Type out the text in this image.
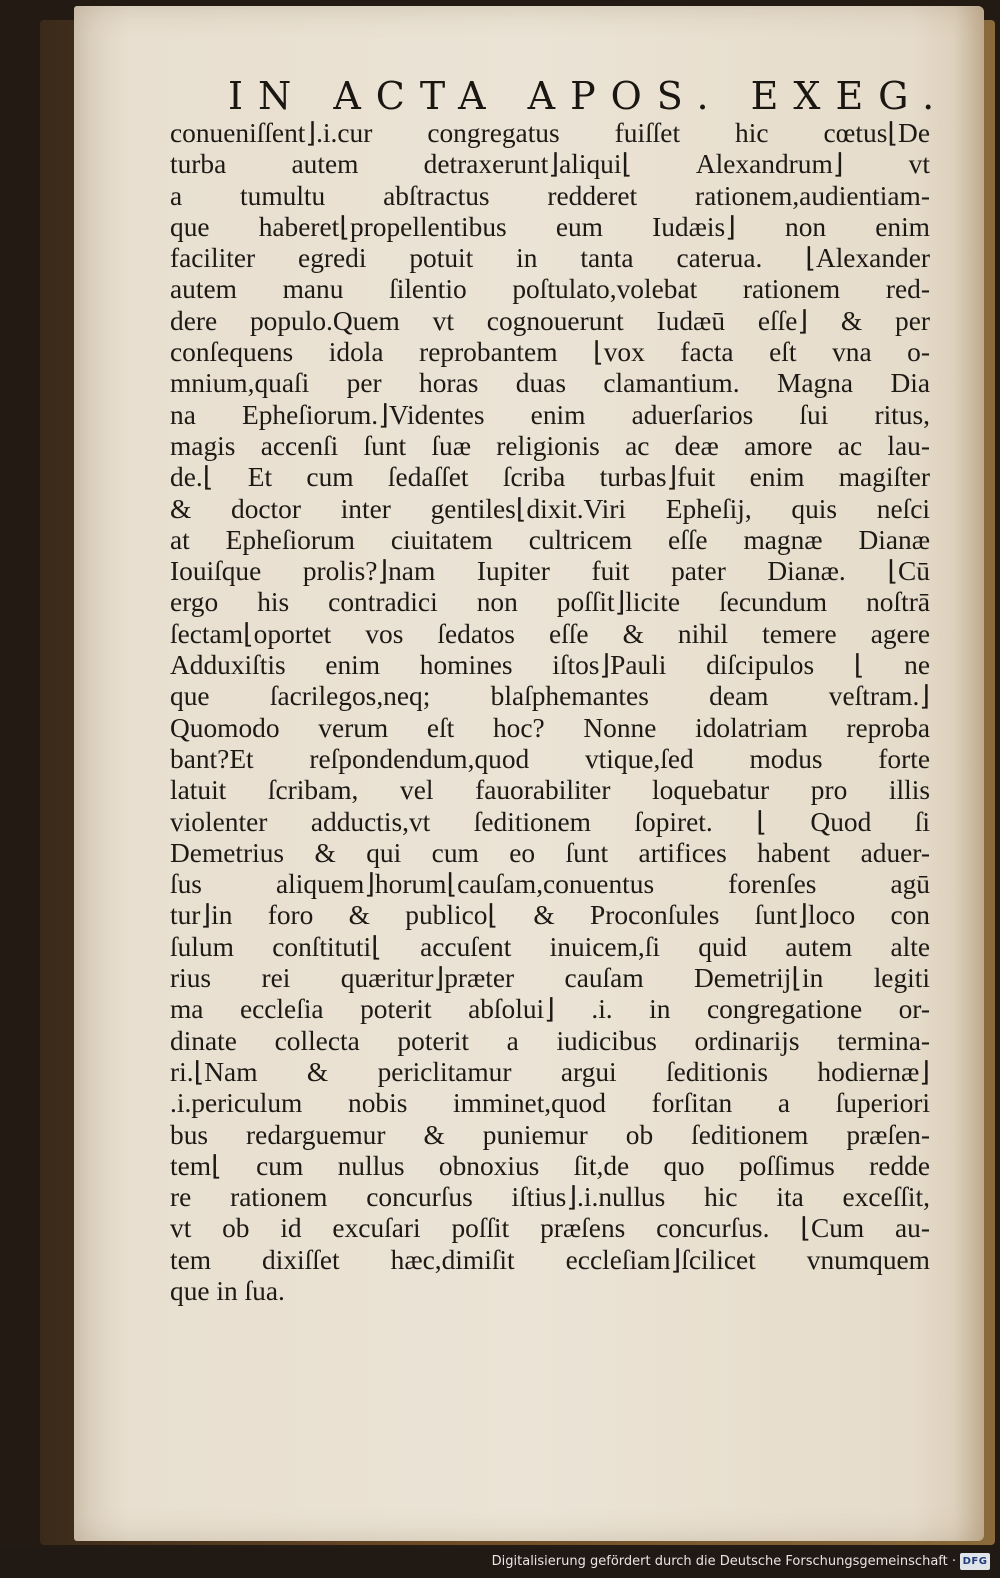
IN ACTA APOS. EXEG.
conueniſſent⌋.i.cur congregatus fuiſſet hic cœtus⌊De
turba autem detraxerunt⌋aliqui⌊ Alexandrum⌋ vt
a tumultu abſtractus redderet rationem,audientiam-
que haberet⌊propellentibus eum Iudæis⌋ non enim
faciliter egredi potuit in tanta caterua. ⌊Alexander
autem manu ſilentio poſtulato,volebat rationem red-
dere populo.Quem vt cognouerunt Iudæū eſſe⌋ & per
conſequens idola reprobantem ⌊vox facta eſt vna o-
mnium,quaſi per horas duas clamantium. Magna Dia
na Epheſiorum.⌋Videntes enim aduerſarios ſui ritus,
magis accenſi ſunt ſuæ religionis ac deæ amore ac lau-
de.⌊ Et cum ſedaſſet ſcriba turbas⌋fuit enim magiſter
& doctor inter gentiles⌊dixit.Viri Epheſij, quis neſci
at Epheſiorum ciuitatem cultricem eſſe magnæ Dianæ
Iouiſque prolis?⌋nam Iupiter fuit pater Dianæ. ⌊Cū
ergo his contradici non poſſit⌋licite ſecundum noſtrā
ſectam⌊oportet vos ſedatos eſſe & nihil temere agere
Adduxiſtis enim homines iſtos⌋Pauli diſcipulos ⌊ ne
que ſacrilegos,neq; blaſphemantes deam veſtram.⌋
Quomodo verum eſt hoc? Nonne idolatriam reproba
bant?Et reſpondendum,quod vtique,ſed modus forte
latuit ſcribam, vel fauorabiliter loquebatur pro illis
violenter adductis,vt ſeditionem ſopiret. ⌊ Quod ſi
Demetrius & qui cum eo ſunt artifices habent aduer-
ſus aliquem⌋horum⌊cauſam,conuentus forenſes agū
tur⌋in foro & publico⌊ & Proconſules ſunt⌋loco con
ſulum conſtituti⌊ accuſent inuicem,ſi quid autem alte
rius rei quæritur⌋præter cauſam Demetrij⌊in legiti
ma eccleſia poterit abſolui⌋ .i. in congregatione or-
dinate collecta poterit a iudicibus ordinarijs termina-
ri.⌊Nam & periclitamur argui ſeditionis hodiernæ⌋
.i.periculum nobis imminet,quod forſitan a ſuperiori
bus redarguemur & puniemur ob ſeditionem præſen-
tem⌊ cum nullus obnoxius ſit,de quo poſſimus redde
re rationem concurſus iſtius⌋.i.nullus hic ita exceſſit,
vt ob id excuſari poſſit præſens concurſus. ⌊Cum au-
tem dixiſſet hæc,dimiſit eccleſiam⌋ſcilicet vnumquem
que in ſua.
Digitalisierung gefördert durch die Deutsche Forschungsgemeinschaft · DFG
